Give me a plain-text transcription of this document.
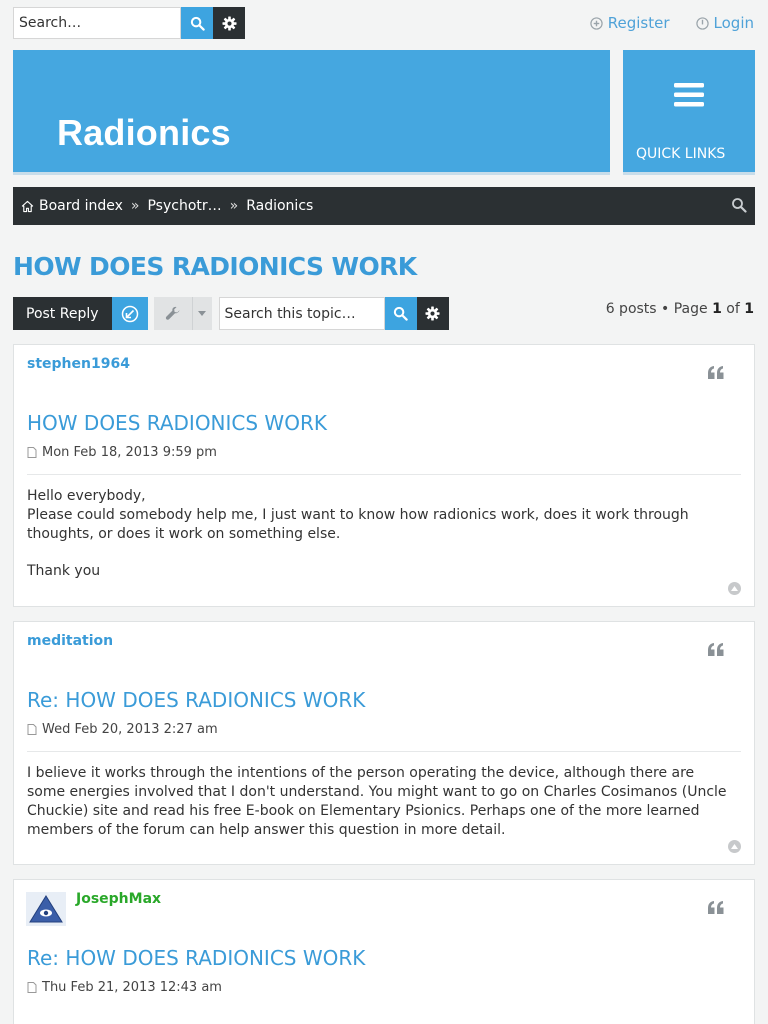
Search…
Register	Login
Radionics
QUICK LINKS
Board index » Psychotr… » Radionics
HOW DOES RADIONICS WORK
Post Reply
Search this topic…	6 posts • Page 1 of 1
stephen1964
HOW DOES RADIONICS WORK
Mon Feb 18, 2013 9:59 pm

Hello everybody,

Please could somebody help me, I just want to know how radionics work, does it work through thoughts, or does it work on something else.

Thank you

meditation
Re: HOW DOES RADIONICS WORK
Wed Feb 20, 2013 2:27 am

I believe it works through the intentions of the person operating the device, although there are some energies involved that I don't understand. You might want to go on Charles Cosimanos (Uncle Chuckie) site and read his free E-book on Elementary Psionics. Perhaps one of the more learned members of the forum can help answer this question in more detail.

JosephMax
Re: HOW DOES RADIONICS WORK
Thu Feb 21, 2013 12:43 am
